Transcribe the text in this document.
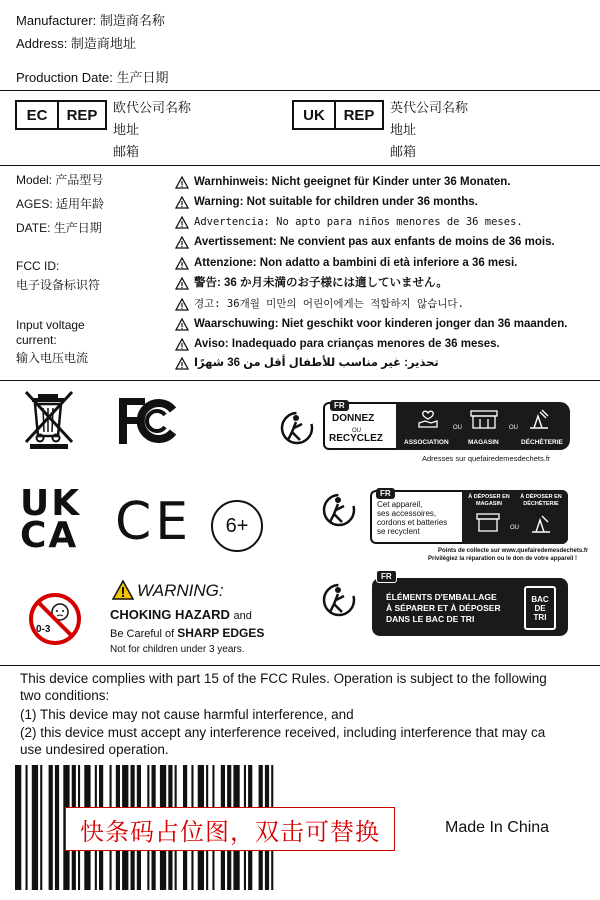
Manufacturer: 制造商名称
Address: 制造商地址
Production Date: 生产日期
EC	REP	欧代公司名称
地址
邮箱
UK	REP	英代公司名称
地址
邮箱
Model: 产品型号
AGES: 适用年龄
DATE: 生产日期
FCC ID:
电子设备标识符
Input voltage
current:
输入电压电流
Warnhinweis: Nicht geeignet für Kinder unter 36 Monaten.
Warning: Not suitable for children under 36 months.
Advertencia: No apto para niños menores de 36 meses.
Avertissement: Ne convient pas aux enfants de moins de 36 mois.
Attenzione: Non adatto a bambini di età inferiore a 36 mesi.
警告: 36 か月未満のお子様には適していません。
경고: 36개월 미만의 어린이에게는 적합하지 않습니다.
Waarschuwing: Niet geschikt voor kinderen jonger dan 36 maanden.
Aviso: Inadequado para crianças menores de 36 meses.
تحذير: غير مناسب للأطفال أقل من 36 شهرًا
FR
DONNEZ
OU
RECYCLEZ	ASSOCIATION
OU
MAGASIN
OU
DÉCHÈTERIE
Adresses sur quefairedemesdechets.fr
UK
CA CE	6+
FR
Cet appareil,
ses accessoires,
cordons et batteries
se recyclent
À DÉPOSER EN MAGASIN
À DÉPOSER EN DÉCHÈTERIE
OU
Points de collecte sur www.quefairedemesdechets.fr
Privilégiez la réparation ou le don de votre appareil !
0-3
WARNING:
CHOKING HAZARD and
Be Careful of SHARP EDGES
Not for children under 3 years.
ÉLÉMENTS D'EMBALLAGE
À SÉPARER ET À DÉPOSER
DANS LE BAC DE TRI
BAC
DE
TRI
FR
This device complies with part 15 of the FCC Rules. Operation is subject to the following
two conditions:
(1) This device may not cause harmful interference, and
(2) this device must accept any interference received, including interference that may ca
use undesired operation.
快条码占位图，双击可替换	Made In China
